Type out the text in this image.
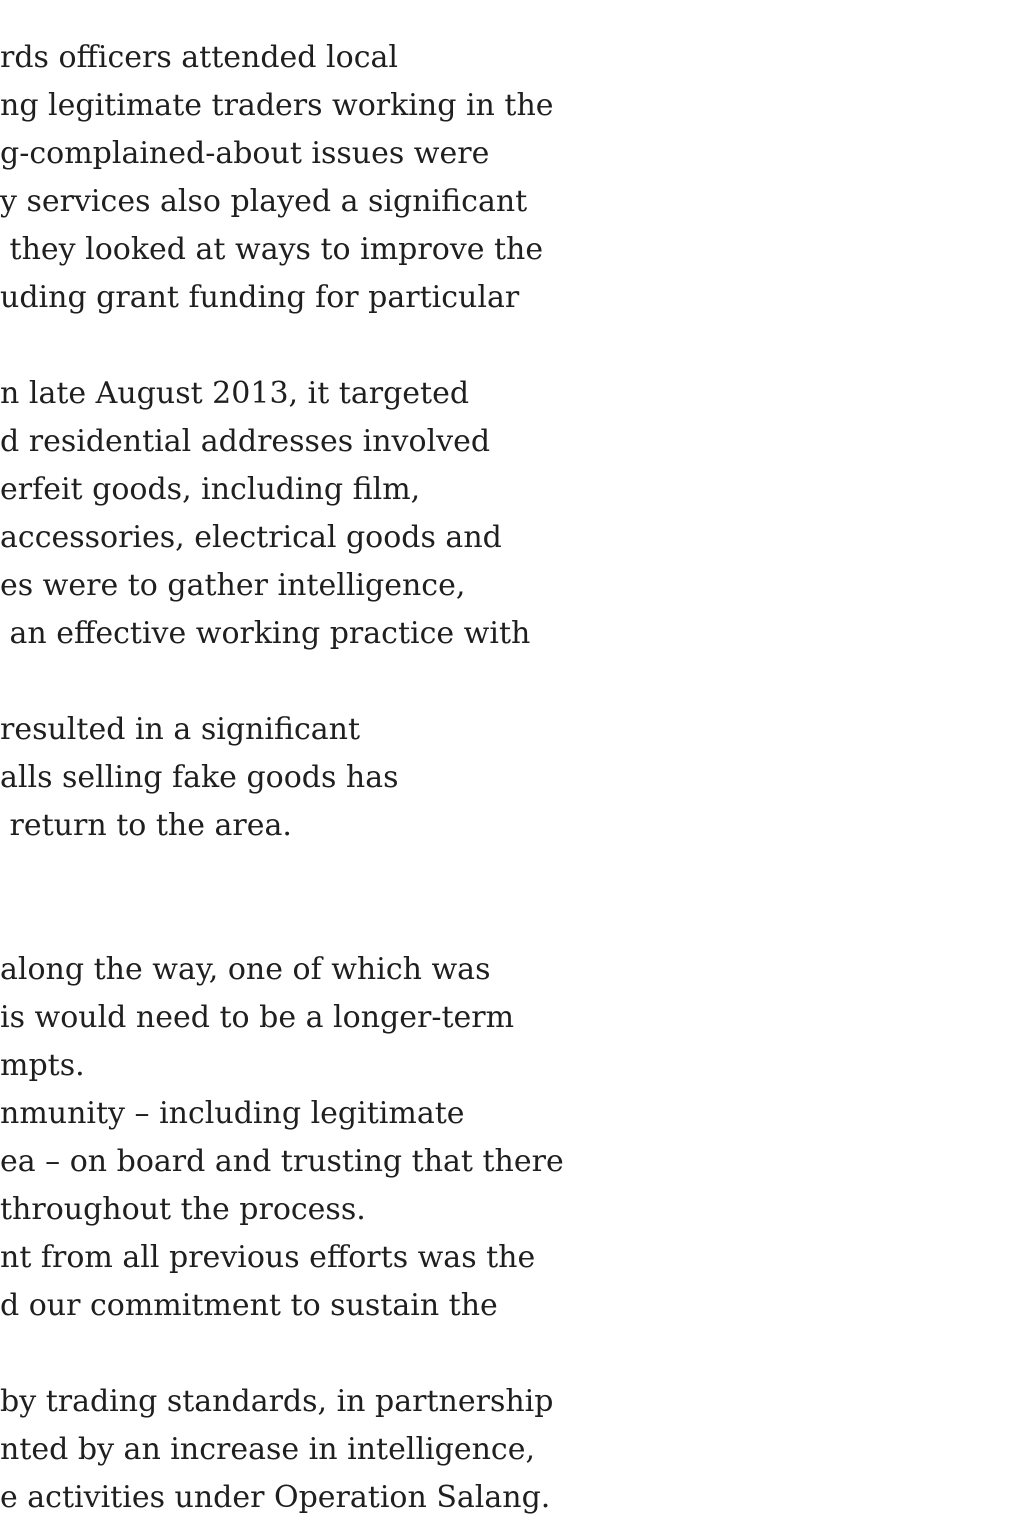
rds officers attended local
ng legitimate traders working in the
g-complained-about issues were
y services also played a significant
they looked at ways to improve the
uding grant funding for particular
n late August 2013, it targeted
d residential addresses involved
erfeit goods, including film,
accessories, electrical goods and
es were to gather intelligence,
an effective working practice with
resulted in a significant
alls selling fake goods has
return to the area.
along the way, one of which was
is would need to be a longer-term
mpts.
nmunity – including legitimate
ea – on board and trusting that there
throughout the process.
nt from all previous efforts was the
d our commitment to sustain the
by trading standards, in partnership
nted by an increase in intelligence,
e activities under Operation Salang.
